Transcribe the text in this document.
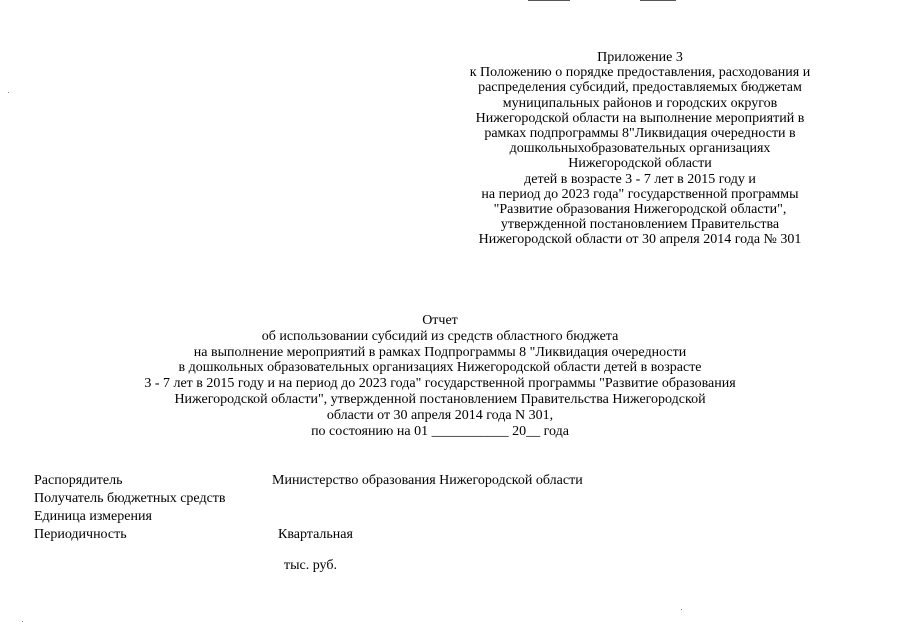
Приложение 3
к Положению о порядке предоставления, расходования и
распределения субсидий, предоставляемых бюджетам
муниципальных районов и городских округов
Нижегородской области на выполнение мероприятий в
рамках подпрограммы 8"Ликвидация очередности в
дошкольныхобразовательных организациях
Нижегородской области
детей в возрасте 3 - 7 лет в 2015 году и
на период до 2023 года" государственной программы
"Развитие образования Нижегородской области",
утвержденной постановлением Правительства
Нижегородской области от 30 апреля 2014 года № 301
Отчет
об использовании субсидий из средств областного бюджета
на выполнение мероприятий в рамках Подпрограммы 8 "Ликвидация очередности
в дошкольных образовательных организациях Нижегородской области детей в возрасте
3 - 7 лет в 2015 году и на период до 2023 года" государственной программы "Развитие образования
Нижегородской области", утвержденной постановлением Правительства Нижегородской
области от 30 апреля 2014 года N 301,
по состоянию на 01 ___________ 20__ года
Распорядитель	Министерство образования Нижегородской области
Получатель бюджетных средств
Единица измерения
Периодичность	Квартальная
тыс. руб.
